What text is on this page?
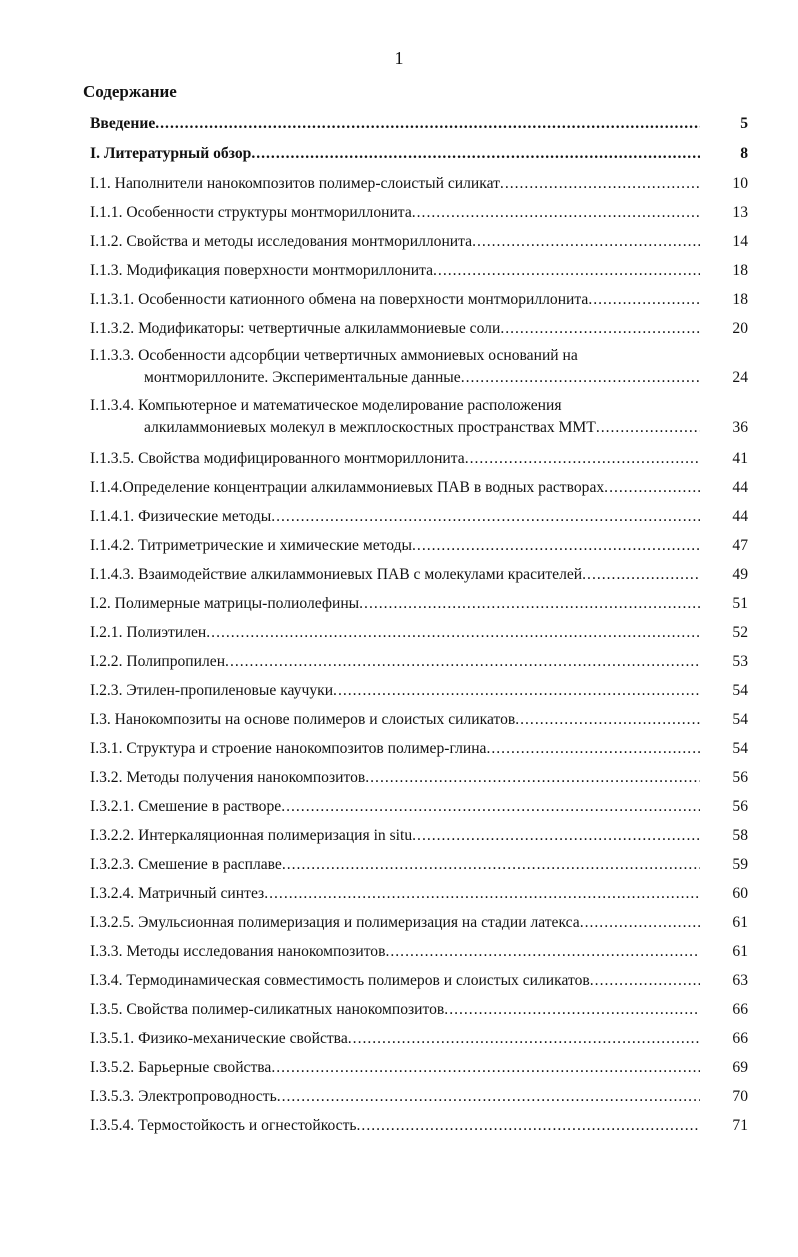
1
Содержание
Введение .....	5
I. Литературный обзор .....	8
I.1. Наполнители нанокомпозитов полимер-слоистый силикат .....	10
I.1.1. Особенности структуры монтмориллонита .....	13
I.1.2. Свойства и методы исследования монтмориллонита .....	14
I.1.3. Модификация поверхности монтмориллонита .....	18
I.1.3.1. Особенности катионного обмена на поверхности монтмориллонита .....	18
I.1.3.2. Модификаторы: четвертичные алкиламмониевые соли .....	20
I.1.3.3. Особенности адсорбции четвертичных аммониевых оснований на
монтмориллоните. Экспериментальные данные .....	24
I.1.3.4. Компьютерное и математическое моделирование расположения
алкиламмониевых молекул в межплоскостных пространствах ММТ .....	36
I.1.3.5. Свойства модифицированного монтмориллонита .....	41
I.1.4.Определение концентрации алкиламмониевых ПАВ в водных растворах .....	44
I.1.4.1. Физические методы .....	44
I.1.4.2. Титриметрические и химические методы .....	47
I.1.4.3. Взаимодействие алкиламмониевых ПАВ с молекулами красителей .....	49
I.2. Полимерные матрицы-полиолефины .....	51
I.2.1. Полиэтилен .....	52
I.2.2. Полипропилен .....	53
I.2.3. Этилен-пропиленовые каучуки .....	54
I.3. Нанокомпозиты на основе полимеров и слоистых силикатов .....	54
I.3.1. Структура и строение нанокомпозитов полимер-глина .....	54
I.3.2. Методы получения нанокомпозитов .....	56
I.3.2.1. Смешение в растворе .....	56
I.3.2.2. Интеркаляционная полимеризация in situ .....	58
I.3.2.3. Смешение в расплаве .....	59
I.3.2.4. Матричный синтез .....	60
I.3.2.5. Эмульсионная полимеризация и полимеризация на стадии латекса .....	61
I.3.3. Методы исследования нанокомпозитов .....	61
I.3.4. Термодинамическая совместимость полимеров и слоистых силикатов .....	63
I.3.5. Свойства полимер-силикатных нанокомпозитов .....	66
I.3.5.1. Физико-механические свойства .....	66
I.3.5.2. Барьерные свойства .....	69
I.3.5.3. Электропроводность .....	70
I.3.5.4. Термостойкость и огнестойкость .....	71
